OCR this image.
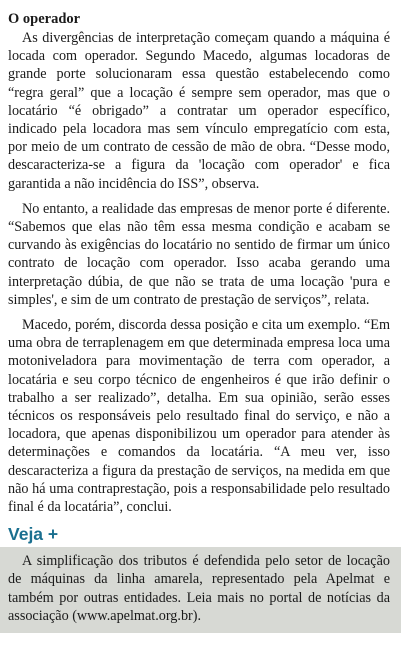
O operador

As divergências de interpretação começam quando a máquina é locada com operador. Segundo Macedo, algumas locadoras de grande porte solucionaram essa questão estabelecendo como “regra geral” que a locação é sempre sem operador, mas que o locatário “é obrigado” a contratar um operador específico, indicado pela locadora mas sem vínculo empregatício com esta, por meio de um contrato de cessão de mão de obra. “Desse modo, descaracteriza-se a figura da 'locação com operador' e fica garantida a não incidência do ISS”, observa.

No entanto, a realidade das empresas de menor porte é diferente. “Sabemos que elas não têm essa mesma condição e acabam se curvando às exigências do locatário no sentido de firmar um único contrato de locação com operador. Isso acaba gerando uma interpretação dúbia, de que não se trata de uma locação 'pura e simples', e sim de um contrato de prestação de serviços”, relata.

Macedo, porém, discorda dessa posição e cita um exemplo. “Em uma obra de terraplenagem em que determinada empresa loca uma motoniveladora para movimentação de terra com operador, a locatária e seu corpo técnico de engenheiros é que irão definir o trabalho a ser realizado”, detalha. Em sua opinião, serão esses técnicos os responsáveis pelo resultado final do serviço, e não a locadora, que apenas disponibilizou um operador para atender às determinações e comandos da locatária. “A meu ver, isso descaracteriza a figura da prestação de serviços, na medida em que não há uma contraprestação, pois a responsabilidade pelo resultado final é da locatária”, conclui.

Veja +

A simplificação dos tributos é defendida pelo setor de locação de máquinas da linha amarela, representado pela Apelmat e também por outras entidades. Leia mais no portal de notícias da associação (www.apelmat.org.br).
